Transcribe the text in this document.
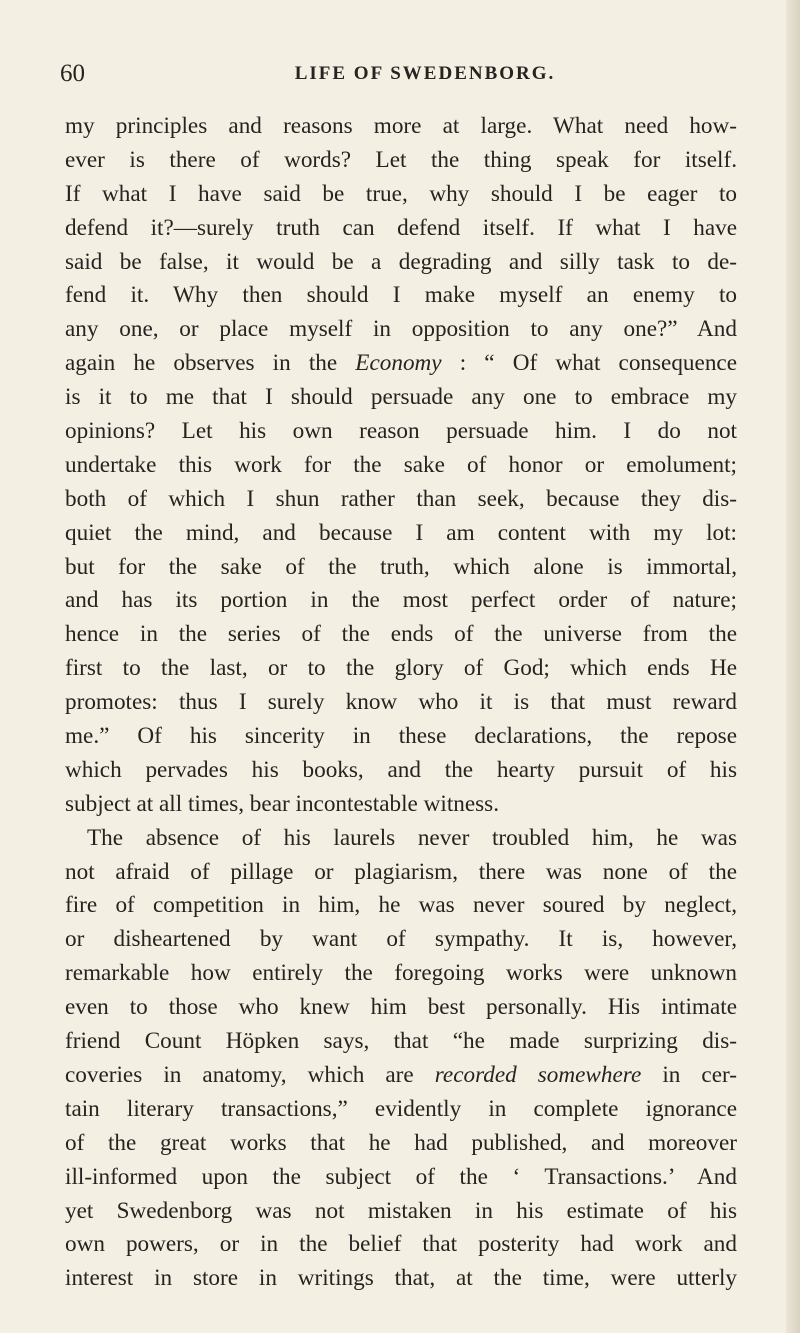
60	LIFE OF SWEDENBORG.
my principles and reasons more at large. What need how-
ever is there of words? Let the thing speak for itself.
If what I have said be true, why should I be eager to
defend it?—surely truth can defend itself. If what I have
said be false, it would be a degrading and silly task to de-
fend it. Why then should I make myself an enemy to
any one, or place myself in opposition to any one?” And
again he observes in the Economy : “ Of what consequence
is it to me that I should persuade any one to embrace my
opinions? Let his own reason persuade him. I do not
undertake this work for the sake of honor or emolument;
both of which I shun rather than seek, because they dis-
quiet the mind, and because I am content with my lot:
but for the sake of the truth, which alone is immortal,
and has its portion in the most perfect order of nature;
hence in the series of the ends of the universe from the
first to the last, or to the glory of God; which ends He
promotes: thus I surely know who it is that must reward
me.” Of his sincerity in these declarations, the repose
which pervades his books, and the hearty pursuit of his
subject at all times, bear incontestable witness.
The absence of his laurels never troubled him, he was
not afraid of pillage or plagiarism, there was none of the
fire of competition in him, he was never soured by neglect,
or disheartened by want of sympathy. It is, however,
remarkable how entirely the foregoing works were unknown
even to those who knew him best personally. His intimate
friend Count Höpken says, that “he made surprizing dis-
coveries in anatomy, which are recorded somewhere in cer-
tain literary transactions,” evidently in complete ignorance
of the great works that he had published, and moreover
ill-informed upon the subject of the ‘ Transactions.’ And
yet Swedenborg was not mistaken in his estimate of his
own powers, or in the belief that posterity had work and
interest in store in writings that, at the time, were utterly
